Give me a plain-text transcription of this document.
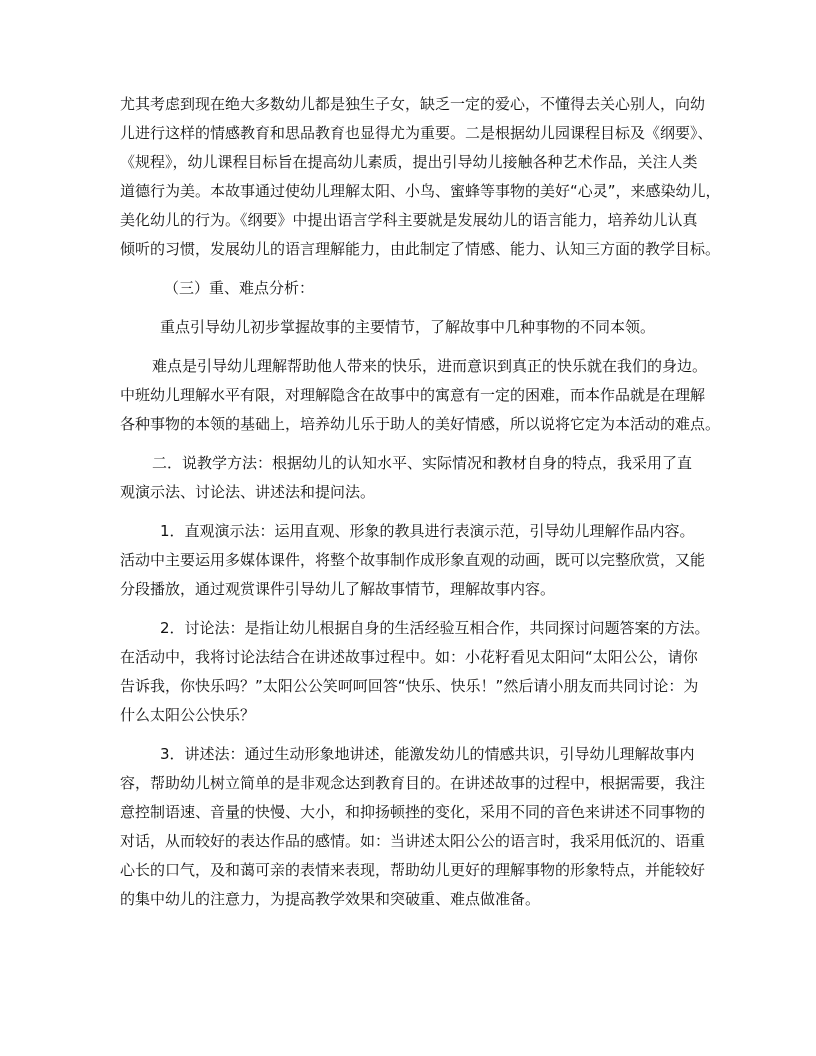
尤其考虑到现在绝大多数幼儿都是独生子女，缺乏一定的爱心，不懂得去关心别人，向幼
儿进行这样的情感教育和思品教育也显得尤为重要。二是根据幼儿园课程目标及《纲要》、
《规程》，幼儿课程目标旨在提高幼儿素质，提出引导幼儿接触各种艺术作品，关注人类
道德行为美。本故事通过使幼儿理解太阳、小鸟、蜜蜂等事物的美好“心灵”，来感染幼儿，
美化幼儿的行为。《纲要》中提出语言学科主要就是发展幼儿的语言能力，培养幼儿认真
倾听的习惯，发展幼儿的语言理解能力，由此制定了情感、能力、认知三方面的教学目标。
（三）重、难点分析：
重点引导幼儿初步掌握故事的主要情节，了解故事中几种事物的不同本领。
难点是引导幼儿理解帮助他人带来的快乐，进而意识到真正的快乐就在我们的身边。
中班幼儿理解水平有限，对理解隐含在故事中的寓意有一定的困难，而本作品就是在理解
各种事物的本领的基础上，培养幼儿乐于助人的美好情感，所以说将它定为本活动的难点。
二．说教学方法：根据幼儿的认知水平、实际情况和教材自身的特点，我采用了直
观演示法、讨论法、讲述法和提问法。
1．直观演示法：运用直观、形象的教具进行表演示范，引导幼儿理解作品内容。
活动中主要运用多媒体课件，将整个故事制作成形象直观的动画，既可以完整欣赏，又能
分段播放，通过观赏课件引导幼儿了解故事情节，理解故事内容。
2．讨论法：是指让幼儿根据自身的生活经验互相合作，共同探讨问题答案的方法。
在活动中，我将讨论法结合在讲述故事过程中。如：小花籽看见太阳问“太阳公公，请你
告诉我，你快乐吗？”太阳公公笑呵呵回答“快乐、快乐！”然后请小朋友而共同讨论：为
什么太阳公公快乐？
3．讲述法：通过生动形象地讲述，能激发幼儿的情感共识，引导幼儿理解故事内
容，帮助幼儿树立简单的是非观念达到教育目的。在讲述故事的过程中，根据需要，我注
意控制语速、音量的快慢、大小，和抑扬顿挫的变化，采用不同的音色来讲述不同事物的
对话，从而较好的表达作品的感情。如：当讲述太阳公公的语言时，我采用低沉的、语重
心长的口气，及和蔼可亲的表情来表现，帮助幼儿更好的理解事物的形象特点，并能较好
的集中幼儿的注意力，为提高教学效果和突破重、难点做准备。
